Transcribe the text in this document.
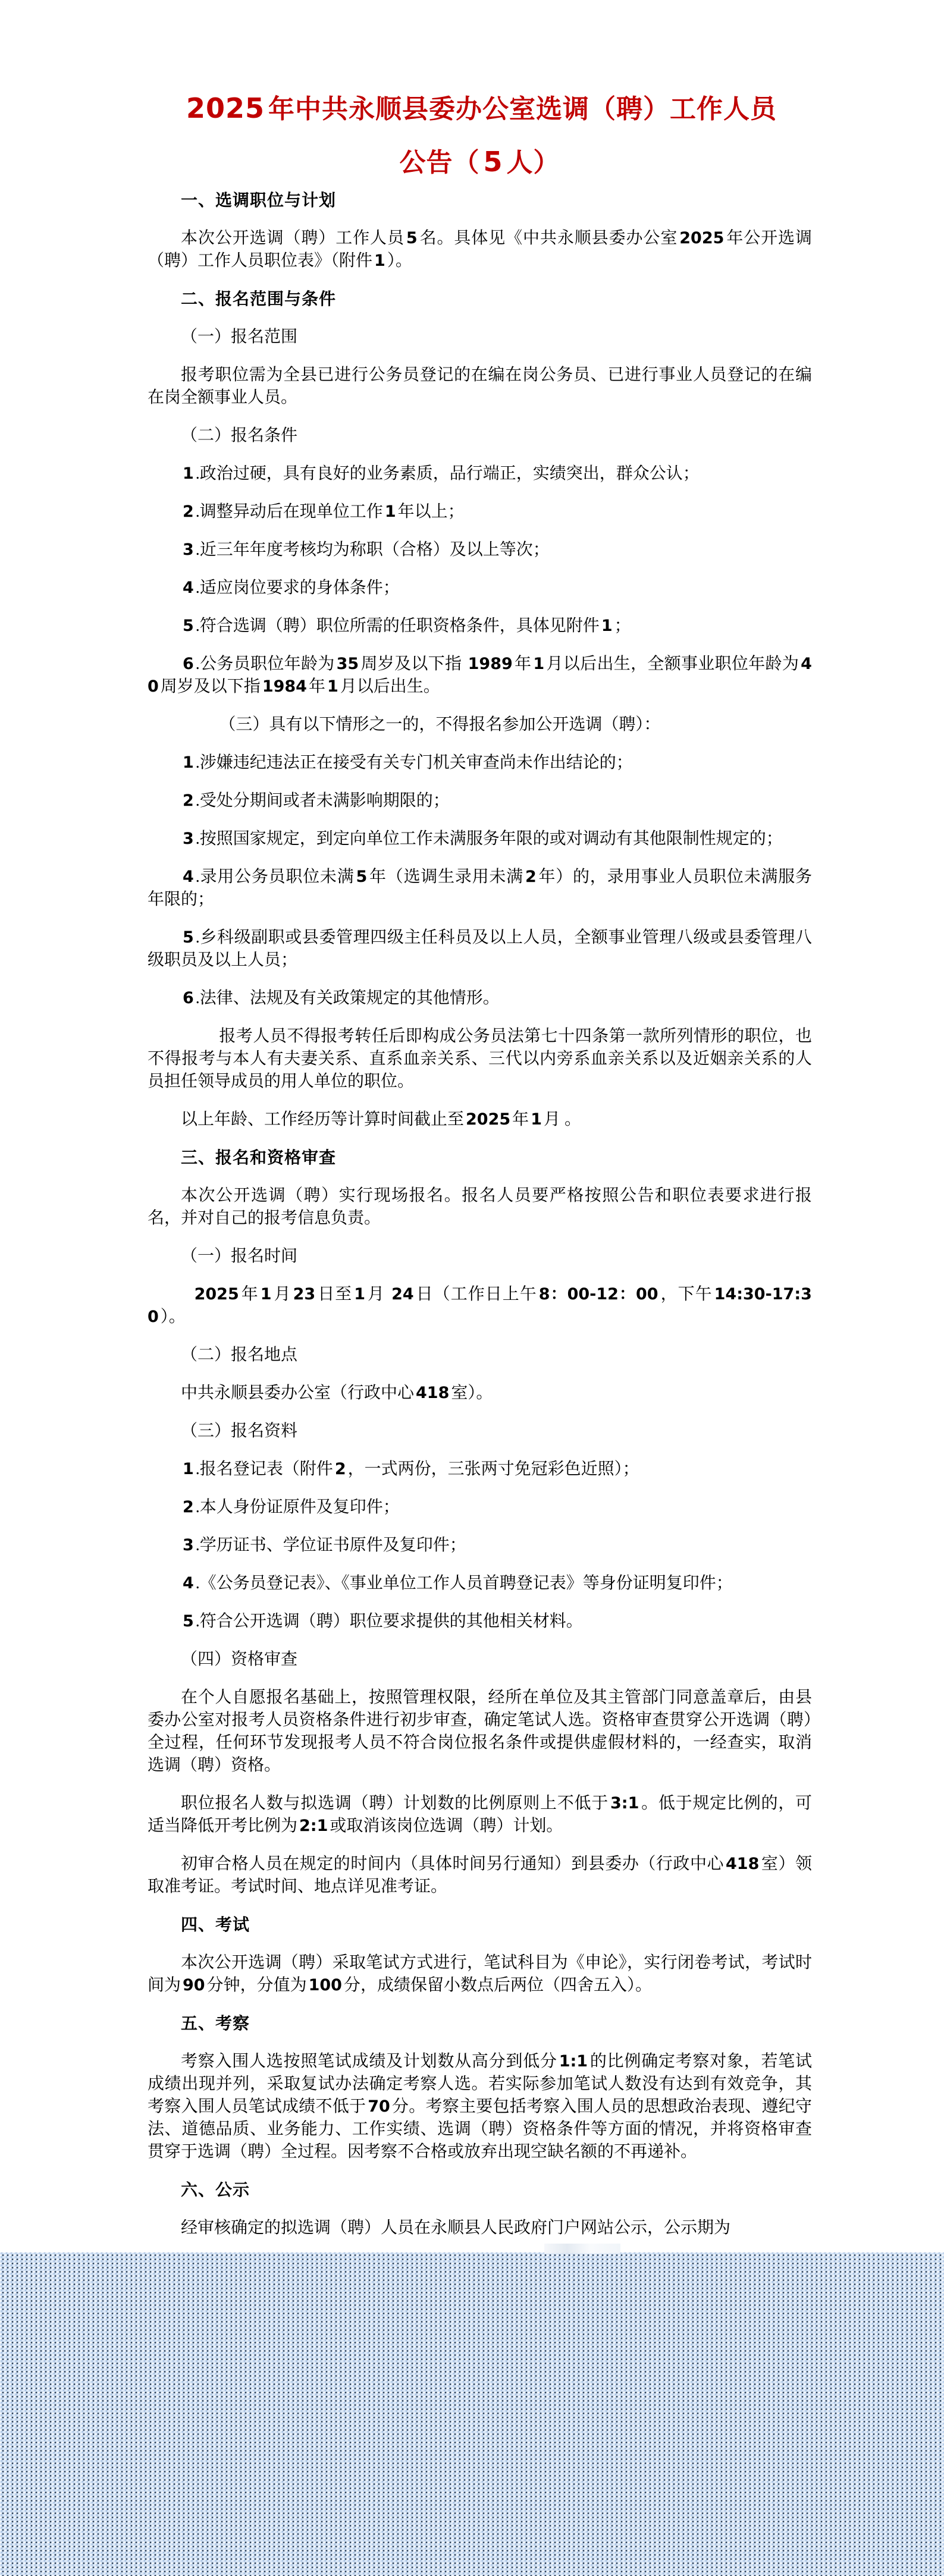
2025 年中共永顺县委办公室选调（聘）工作人员
公告（ 5 人）
一、选调职位与计划
本次公开选调（聘）工作人员 5 名。具体见《中共永顺县委办公室 2025 年公开选调（聘）工作人员职位表》（附件 1 ）。
二、报名范围与条件
（一）报名范围
报考职位需为全县已进行公务员登记的在编在岗公务员、已进行事业人员登记的在编在岗全额事业人员。
（二）报名条件
1 .政治过硬，具有良好的业务素质，品行端正，实绩突出，群众公认；
2 .调整异动后在现单位工作 1 年以上；
3 .近三年年度考核均为称职（合格）及以上等次；
4 .适应岗位要求的身体条件；
5 .符合选调（聘）职位所需的任职资格条件，具体见附件 1 ；
6 .公务员职位年龄为 35 周岁及以下指 1989 年 1 月以后出生，全额事业职位年龄为 40 周岁及以下指 1984 年 1 月以后出生。
（三）具有以下情形之一的，不得报名参加公开选调（聘）：
1 .涉嫌违纪违法正在接受有关专门机关审查尚未作出结论的；
2 .受处分期间或者未满影响期限的；
3 .按照国家规定，到定向单位工作未满服务年限的或对调动有其他限制性规定的；
4 .录用公务员职位未满 5 年（选调生录用未满 2 年）的，录用事业人员职位未满服务年限的；
5 .乡科级副职或县委管理四级主任科员及以上人员，全额事业管理八级或县委管理八级职员及以上人员；
6 .法律、法规及有关政策规定的其他情形。
报考人员不得报考转任后即构成公务员法第七十四条第一款所列情形的职位，也不得报考与本人有夫妻关系、直系血亲关系、三代以内旁系血亲关系以及近姻亲关系的人员担任领导成员的用人单位的职位。
以上年龄、工作经历等计算时间截止至 2025 年 1 月 。
三、报名和资格审查
本次公开选调（聘）实行现场报名。报名人员要严格按照公告和职位表要求进行报名，并对自己的报考信息负责。
（一）报名时间
2025 年 1 月 23 日至 1 月 24 日（工作日上午 8：00-12：00 ，下午 14:30-17:30 ）。
（二）报名地点
中共永顺县委办公室（行政中心 418 室）。
（三）报名资料
1 .报名登记表（附件 2 ，一式两份，三张两寸免冠彩色近照）；
2 .本人身份证原件及复印件；
3 .学历证书、学位证书原件及复印件；
4 .《公务员登记表》、《事业单位工作人员首聘登记表》等身份证明复印件；
5 .符合公开选调（聘）职位要求提供的其他相关材料。
（四）资格审查
在个人自愿报名基础上，按照管理权限，经所在单位及其主管部门同意盖章后，由县委办公室对报考人员资格条件进行初步审查，确定笔试人选。资格审查贯穿公开选调（聘）全过程，任何环节发现报考人员不符合岗位报名条件或提供虚假材料的，一经查实，取消选调（聘）资格。
职位报名人数与拟选调（聘）计划数的比例原则上不低于 3:1 。低于规定比例的，可适当降低开考比例为 2:1 或取消该岗位选调（聘）计划。
初审合格人员在规定的时间内（具体时间另行通知）到县委办（行政中心 418 室）领取准考证。考试时间、地点详见准考证。
四、考试
本次公开选调（聘）采取笔试方式进行，笔试科目为《申论》，实行闭卷考试，考试时间为 90 分钟，分值为 100 分，成绩保留小数点后两位（四舍五入）。
五、考察
考察入围人选按照笔试成绩及计划数从高分到低分 1:1 的比例确定考察对象，若笔试成绩出现并列，采取复试办法确定考察人选。若实际参加笔试人数没有达到有效竞争，其考察入围人员笔试成绩不低于 70 分。考察主要包括考察入围人员的思想政治表现、遵纪守法、道德品质、业务能力、工作实绩、选调（聘）资格条件等方面的情况，并将资格审查贯穿于选调（聘）全过程。因考察不合格或放弃出现空缺名额的不再递补。
六、公示
经审核确定的拟选调（聘）人员在永顺县人民政府门户网站公示，公示期为
